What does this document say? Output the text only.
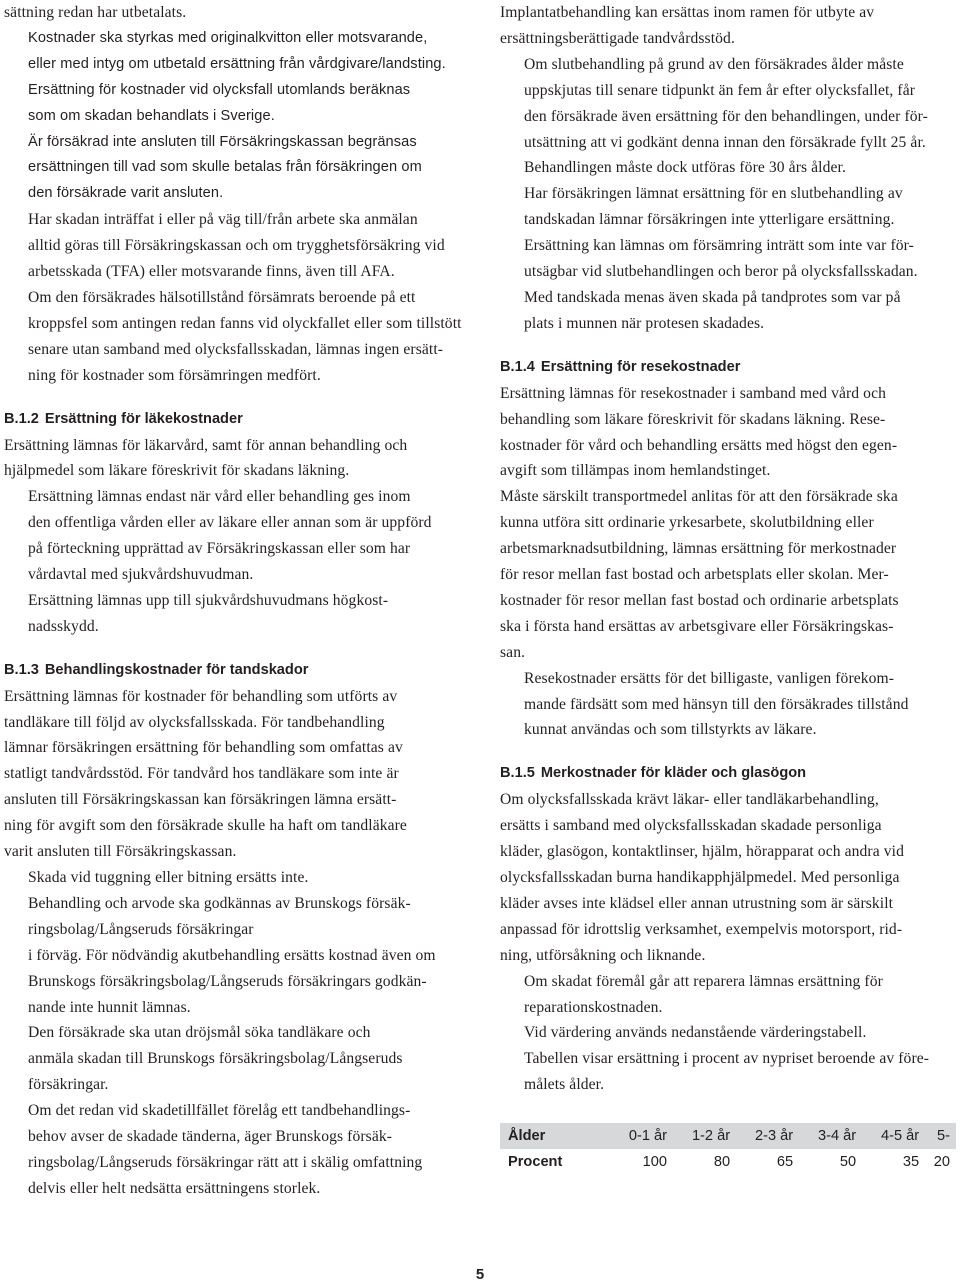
sättning redan har utbetalats.

Kostnader ska styrkas med originalkvitton eller motsvarande,
eller med intyg om utbetald ersättning från vårdgivare/landsting.

Ersättning för kostnader vid olycksfall utomlands beräknas
som om skadan behandlats i Sverige.

Är försäkrad inte ansluten till Försäkringskassan begränsas
ersättningen till vad som skulle betalas från försäkringen om
den försäkrade varit ansluten.

Har skadan inträffat i eller på väg till/från arbete ska anmälan
alltid göras till Försäkringskassan och om trygghetsförsäkring vid
arbetsskada (TFA) eller motsvarande finns, även till AFA.

Om den försäkrades hälsotillstånd försämrats beroende på ett
kroppsfel som antingen redan fanns vid olyckfallet eller som tillstött
senare utan samband med olycksfallsskadan, lämnas ingen ersätt-
ning för kostnader som försämringen medfört.

B.1.2 Ersättning för läkekostnader

Ersättning lämnas för läkarvård, samt för annan behandling och
hjälpmedel som läkare föreskrivit för skadans läkning.

Ersättning lämnas endast när vård eller behandling ges inom
den offentliga vården eller av läkare eller annan som är uppförd
på förteckning upprättad av Försäkringskassan eller som har
vårdavtal med sjukvårdshuvudman.

Ersättning lämnas upp till sjukvårdshuvudmans högkost-
nadsskydd.

B.1.3 Behandlingskostnader för tandskador

Ersättning lämnas för kostnader för behandling som utförts av
tandläkare till följd av olycksfallsskada. För tandbehandling
lämnar försäkringen ersättning för behandling som omfattas av
statligt tandvårdsstöd. För tandvård hos tandläkare som inte är
ansluten till Försäkringskassan kan försäkringen lämna ersätt-
ning för avgift som den försäkrade skulle ha haft om tandläkare
varit ansluten till Försäkringskassan.

Skada vid tuggning eller bitning ersätts inte.

Behandling och arvode ska godkännas av Brunskogs försäk-
ringsbolag/Långseruds försäkringar
i förväg. För nödvändig akutbehandling ersätts kostnad även om
Brunskogs försäkringsbolag/Långseruds försäkringars godkän-
nande inte hunnit lämnas.

Den försäkrade ska utan dröjsmål söka tandläkare och
anmäla skadan till Brunskogs försäkringsbolag/Långseruds
försäkringar.

Om det redan vid skadetillfället förelåg ett tandbehandlings-
behov avser de skadade tänderna, äger Brunskogs försäk-
ringsbolag/Långseruds försäkringar rätt att i skälig omfattning
delvis eller helt nedsätta ersättningens storlek.

Implantatbehandling kan ersättas inom ramen för utbyte av
ersättningsberättigade tandvårdsstöd.

Om slutbehandling på grund av den försäkrades ålder måste
uppskjutas till senare tidpunkt än fem år efter olycksfallet, får
den försäkrade även ersättning för den behandlingen, under för-
utsättning att vi godkänt denna innan den försäkrade fyllt 25 år.
Behandlingen måste dock utföras före 30 års ålder.

Har försäkringen lämnat ersättning för en slutbehandling av
tandskadan lämnar försäkringen inte ytterligare ersättning.
Ersättning kan lämnas om försämring inträtt som inte var för-
utsägbar vid slutbehandlingen och beror på olycksfallsskadan.

Med tandskada menas även skada på tandprotes som var på
plats i munnen när protesen skadades.

B.1.4 Ersättning för resekostnader

Ersättning lämnas för resekostnader i samband med vård och
behandling som läkare föreskrivit för skadans läkning. Rese-
kostnader för vård och behandling ersätts med högst den egen-
avgift som tillämpas inom hemlandstinget.
Måste särskilt transportmedel anlitas för att den försäkrade ska
kunna utföra sitt ordinarie yrkesarbete, skolutbildning eller
arbetsmarknadsutbildning, lämnas ersättning för merkostnader
för resor mellan fast bostad och arbetsplats eller skolan. Mer-
kostnader för resor mellan fast bostad och ordinarie arbetsplats
ska i första hand ersättas av arbetsgivare eller Försäkringskas-
san.

Resekostnader ersätts för det billigaste, vanligen förekom-
mande färdsätt som med hänsyn till den försäkrades tillstånd
kunnat användas och som tillstyrkts av läkare.

B.1.5 Merkostnader för kläder och glasögon

Om olycksfallsskada krävt läkar- eller tandläkarbehandling,
ersätts i samband med olycksfallsskadan skadade personliga
kläder, glasögon, kontaktlinser, hjälm, hörapparat och andra vid
olycksfallsskadan burna handikapphjälpmedel. Med personliga
kläder avses inte klädsel eller annan utrustning som är särskilt
anpassad för idrottslig verksamhet, exempelvis motorsport, rid-
ning, utförsåkning och liknande.

Om skadat föremål går att reparera lämnas ersättning för
reparationskostnaden.

Vid värdering används nedanstående värderingstabell.
Tabellen visar ersättning i procent av nypriset beroende av före-
målets ålder.

Ålder	0-1 år	1-2 år	2-3 år	3-4 år	4-5 år	5-
Procent	100	80	65	50	35	20
5
